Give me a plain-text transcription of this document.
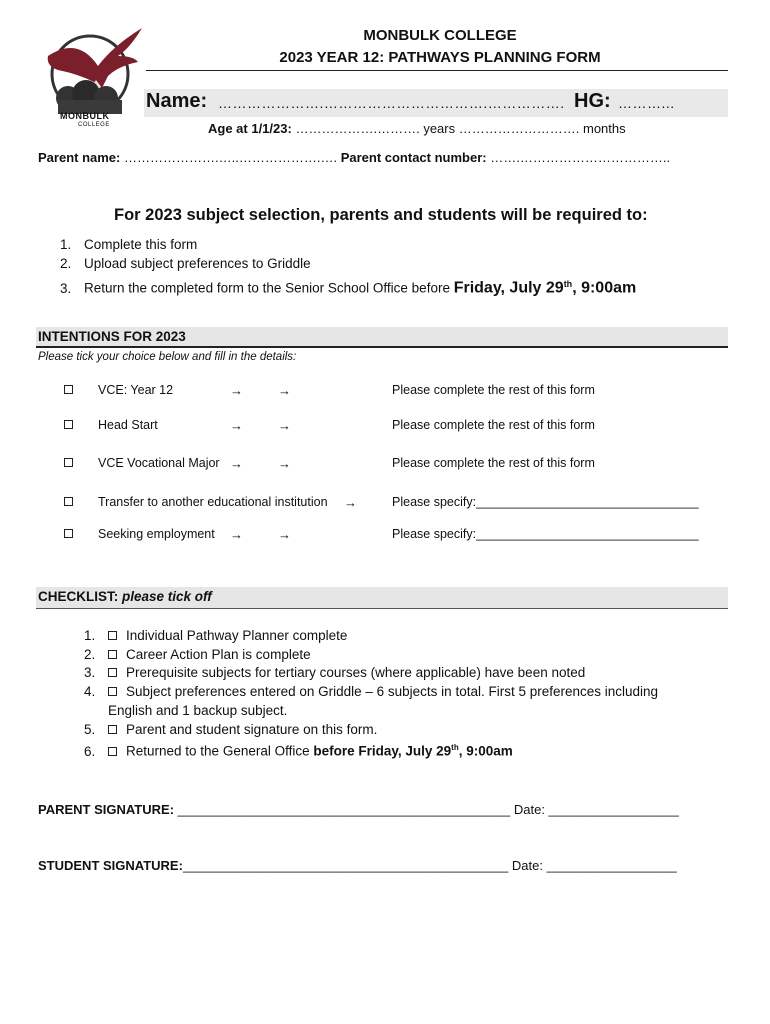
MONBULK
COLLEGE
MONBULK COLLEGE
2023 YEAR 12: PATHWAYS PLANNING FORM
Name: ………………….…………………………….……………. HG: ………...
Age at 1/1/23: ……………….………. years ………………………. months
Parent name: ………………….…..……………….…. Parent contact number: …….……………………………..
For 2023 subject selection, parents and students will be required to:
1. Complete this form
2. Upload subject preferences to Griddle
3. Return the completed form to the Senior School Office before Friday, July 29th, 9:00am
INTENTIONS FOR 2023
Please tick your choice below and fill in the details:
VCE: Year 12	→	→	Please complete the rest of this form
Head Start	→	→	Please complete the rest of this form
VCE Vocational Major →	→	Please complete the rest of this form
Transfer to another educational institution →	Please specify:________________________________
Seeking employment →	→	Please specify:________________________________
CHECKLIST: please tick off
1. Individual Pathway Planner complete
2. Career Action Plan is complete
3. Prerequisite subjects for tertiary courses (where applicable) have been noted
4. Subject preferences entered on Griddle – 6 subjects in total. First 5 preferences including
English and 1 backup subject.
5. Parent and student signature on this form.
6. Returned to the General Office before Friday, July 29th, 9:00am
PARENT SIGNATURE: ______________________________________________ Date: __________________
STUDENT SIGNATURE:_____________________________________________ Date: __________________
